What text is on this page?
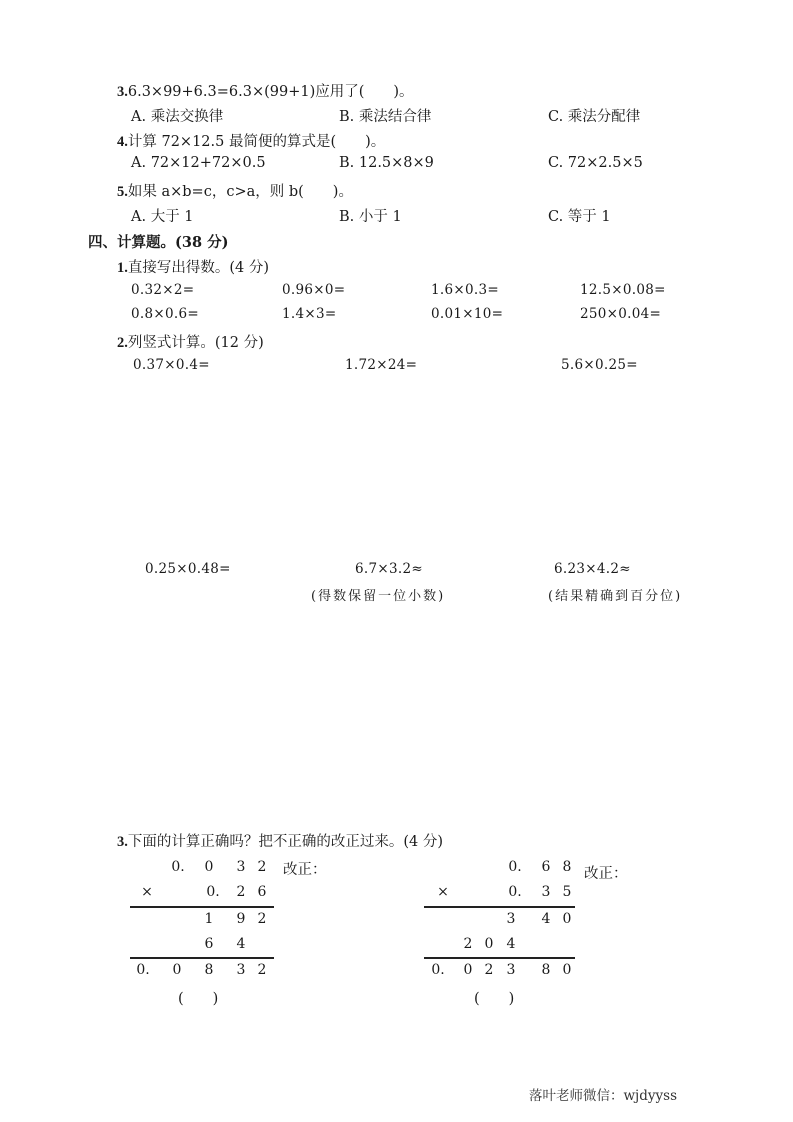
3.6.3×99+6.3=6.3×(99+1)应用了(　　)。
A. 乘法交换律	B. 乘法结合律	C. 乘法分配律
4.计算 72×12.5 最简便的算式是(　　)。
A. 72×12+72×0.5	B. 12.5×8×9	C. 72×2.5×5
5.如果 a×b=c，c>a，则 b(　　)。
A. 大于 1	B. 小于 1	C. 等于 1
四、计算题。(38 分)
1.直接写出得数。(4 分)
0.32×2=	0.96×0=	1.6×0.3=	12.5×0.08=
0.8×0.6=	1.4×3=	0.01×10=	250×0.04=
2.列竖式计算。(12 分)
0.37×0.4=	1.72×24=	5.6×0.25=
0.25×0.48=	6.7×3.2≈	6.23×4.2≈
(得数保留一位小数)	(结果精确到百分位)
3.下面的计算正确吗？把不正确的改正过来。(4 分)
0. 0 3 2 改正：
×	0. 2 6
1 9 2
6 4
0. 0 8 3 2
(　　)
0. 6 8 改正：
×	0. 3 5
3 4 0
2 0 4
0. 0 2 3 8 0
(　　)
落叶老师微信：wjdyyss
